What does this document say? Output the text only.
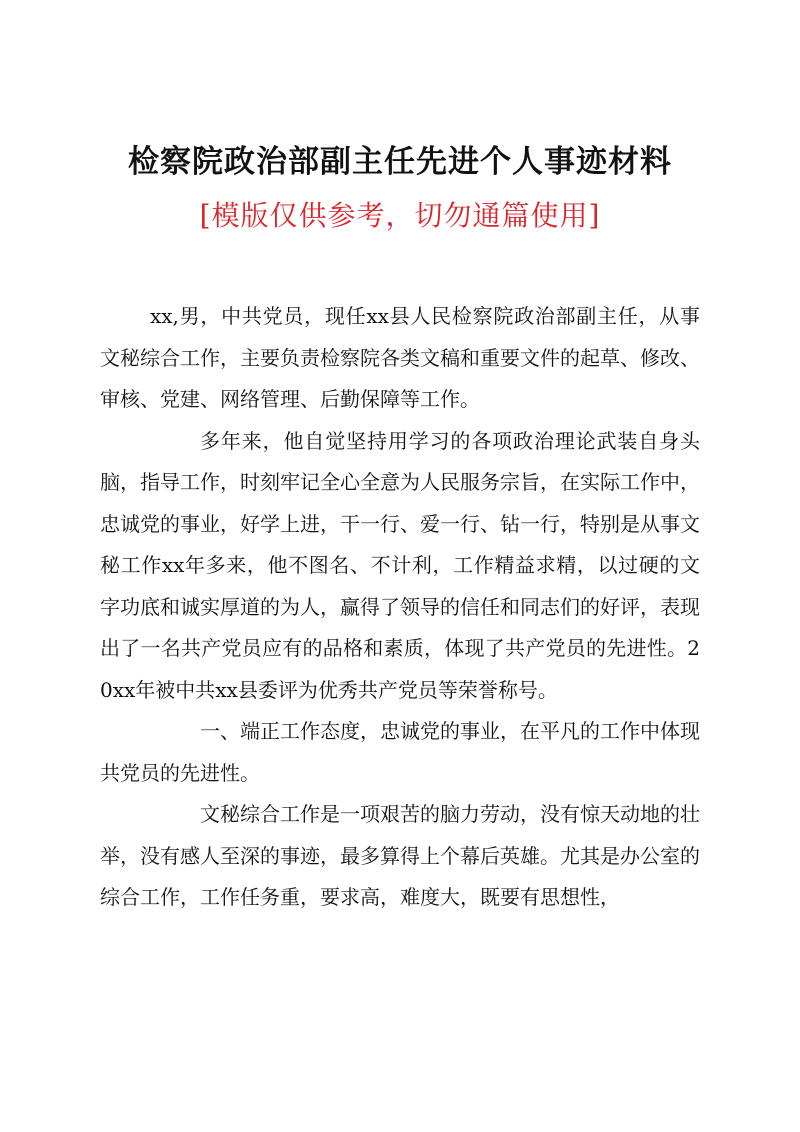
检察院政治部副主任先进个人事迹材料
[模版仅供参考，切勿通篇使用]

xx,男，中共党员，现任xx县人民检察院政治部副主任，从事文秘综合工作，主要负责检察院各类文稿和重要文件的起草、修改、审核、党建、网络管理、后勤保障等工作。

多年来，他自觉坚持用学习的各项政治理论武装自身头脑，指导工作，时刻牢记全心全意为人民服务宗旨，在实际工作中，忠诚党的事业，好学上进，干一行、爱一行、钻一行，特别是从事文秘工作xx年多来，他不图名、不计利，工作精益求精，以过硬的文字功底和诚实厚道的为人，赢得了领导的信任和同志们的好评，表现出了一名共产党员应有的品格和素质，体现了共产党员的先进性。20xx年被中共xx县委评为优秀共产党员等荣誉称号。

一、端正工作态度，忠诚党的事业，在平凡的工作中体现共党员的先进性。

文秘综合工作是一项艰苦的脑力劳动，没有惊天动地的壮举，没有感人至深的事迹，最多算得上个幕后英雄。尤其是办公室的综合工作，工作任务重，要求高，难度大，既要有思想性，
